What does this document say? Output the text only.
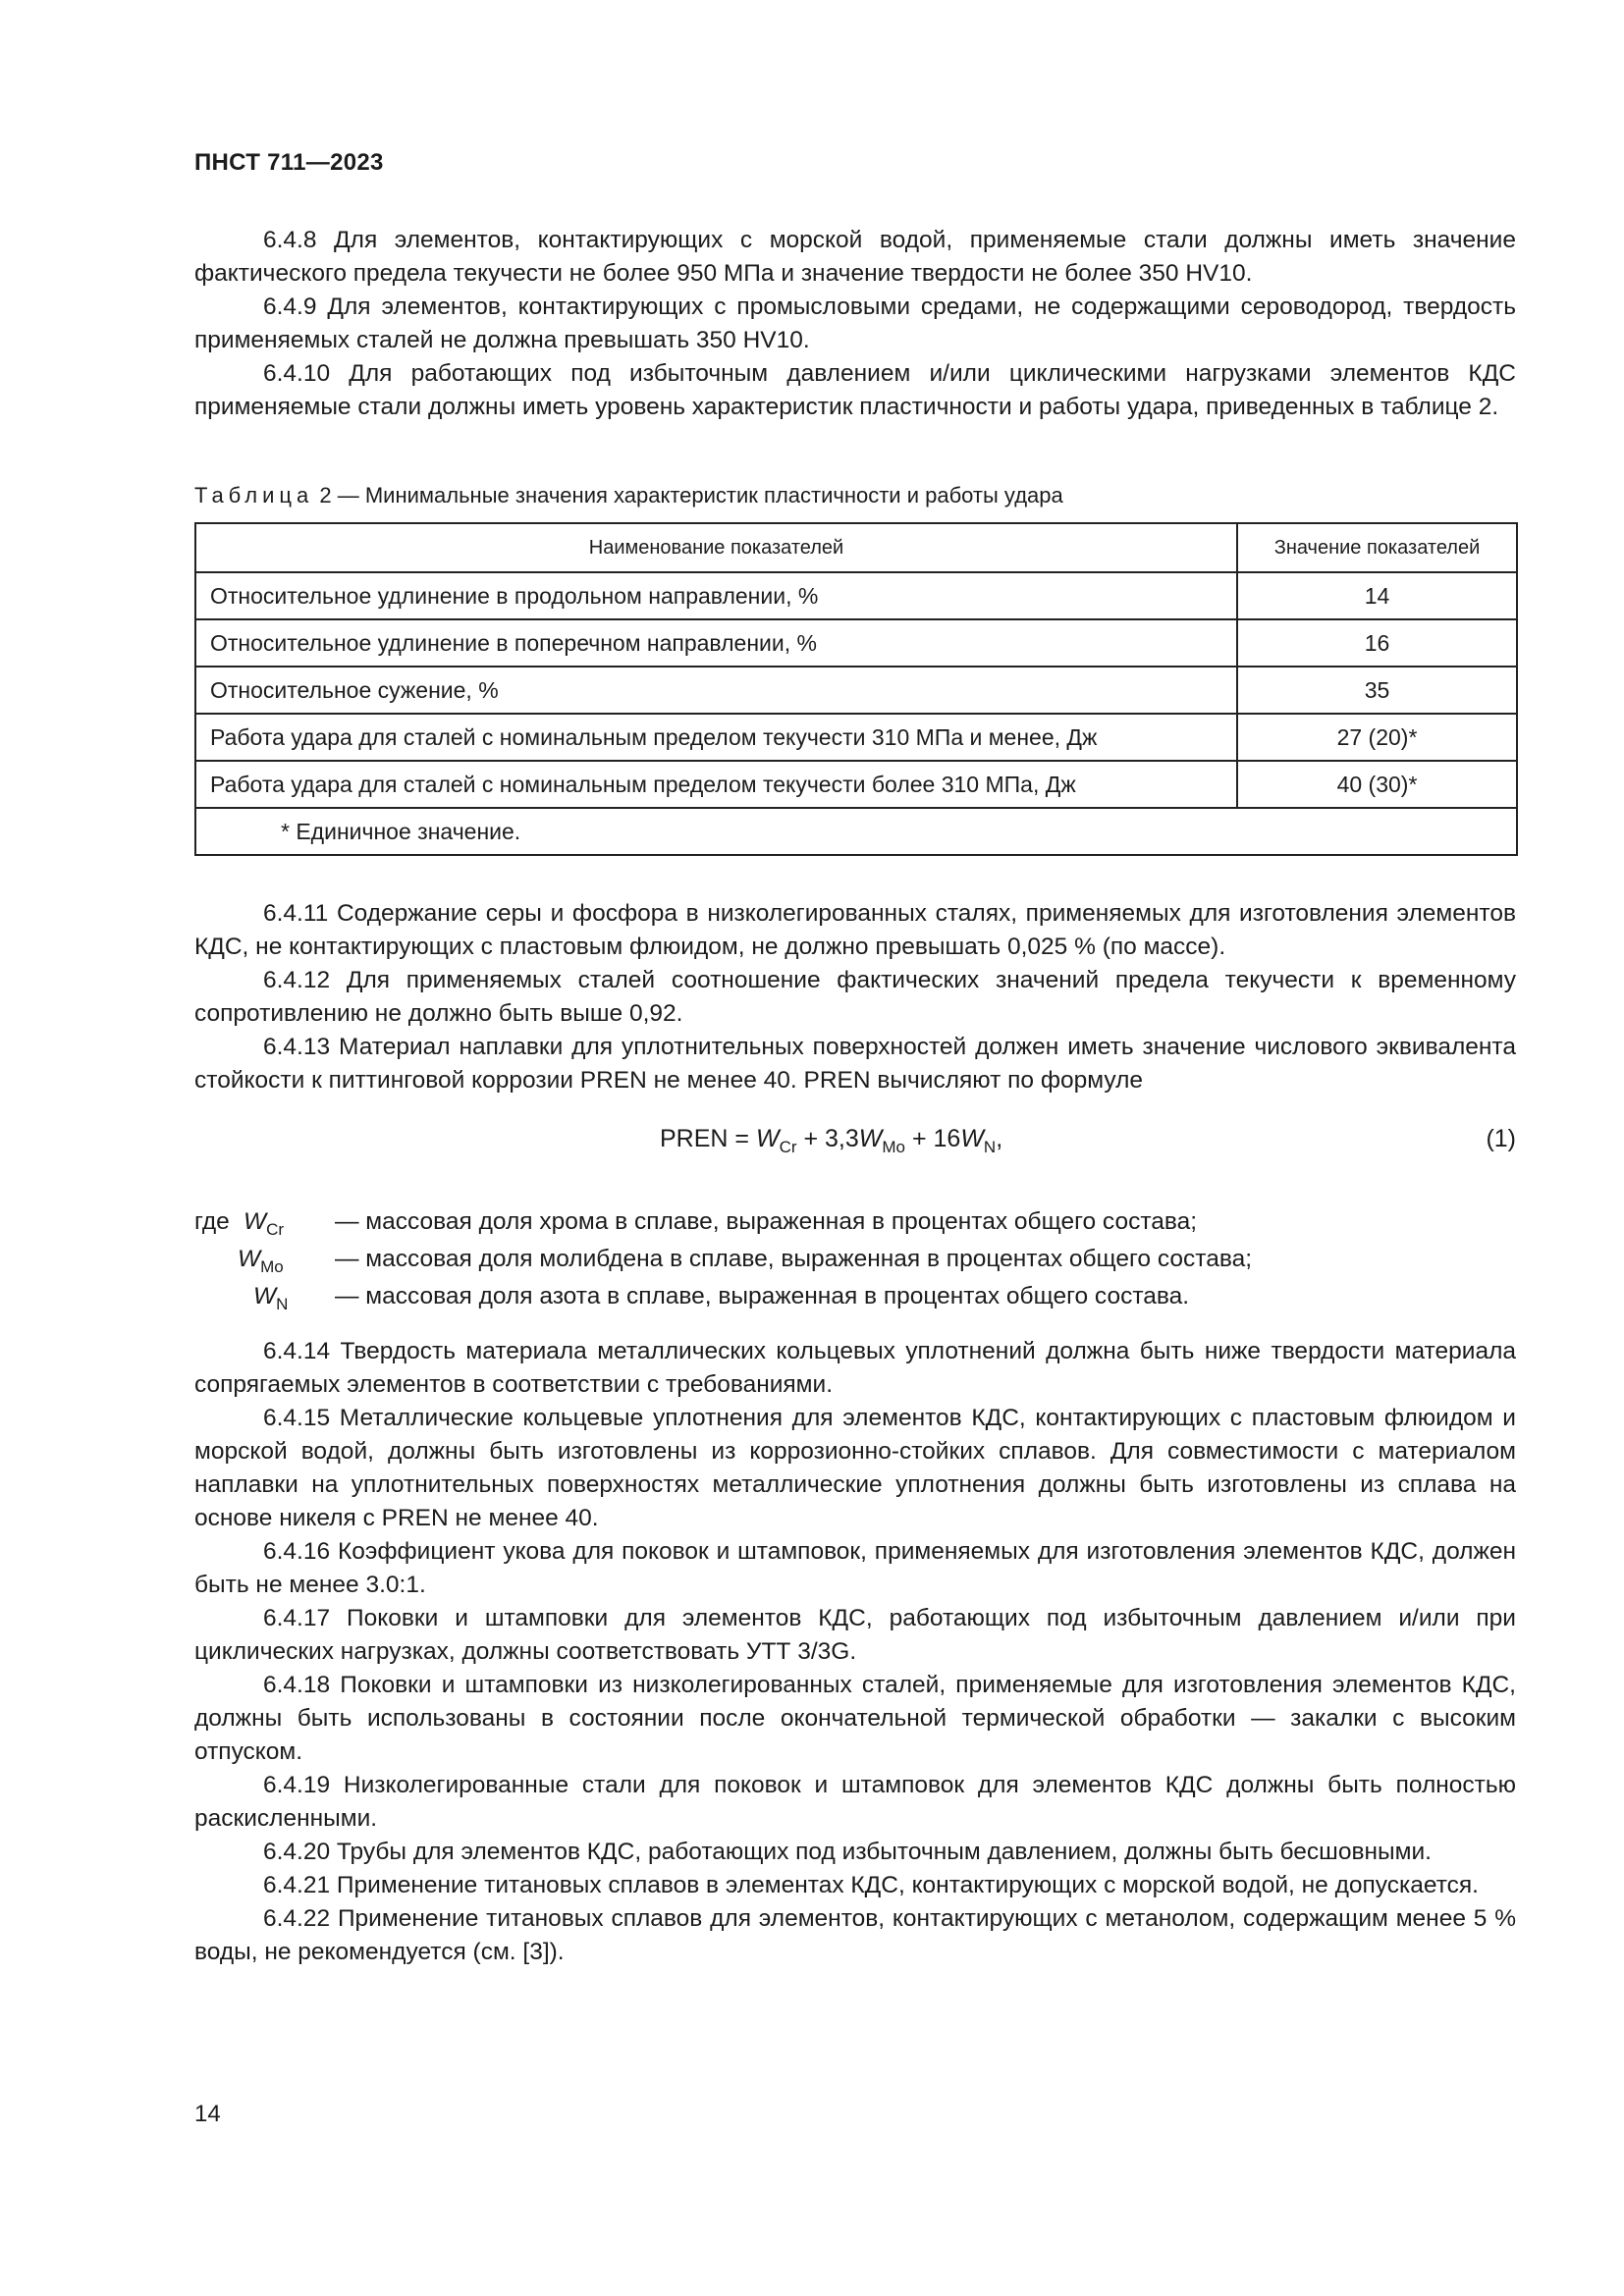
ПНСТ 711—2023

6.4.8 Для элементов, контактирующих с морской водой, применяемые стали должны иметь значение фактического предела текучести не более 950 МПа и значение твердости не более 350 HV10.

6.4.9 Для элементов, контактирующих с промысловыми средами, не содержащими сероводород, твердость применяемых сталей не должна превышать 350 HV10.

6.4.10 Для работающих под избыточным давлением и/или циклическими нагрузками элементов КДС применяемые стали должны иметь уровень характеристик пластичности и работы удара, приведенных в таблице 2.

Таблица 2 — Минимальные значения характеристик пластичности и работы удара
Наименование показателей	Значение показателей
Относительное удлинение в продольном направлении, %	14
Относительное удлинение в поперечном направлении, %	16
Относительное сужение, %	35
Работа удара для сталей с номинальным пределом текучести 310 МПа и менее, Дж	27 (20)*
Работа удара для сталей с номинальным пределом текучести более 310 МПа, Дж	40 (30)*
* Единичное значение.	

6.4.11 Содержание серы и фосфора в низколегированных сталях, применяемых для изготовления элементов КДС, не контактирующих с пластовым флюидом, не должно превышать 0,025 % (по массе).

6.4.12 Для применяемых сталей соотношение фактических значений предела текучести к временному сопротивлению не должно быть выше 0,92.

6.4.13 Материал наплавки для уплотнительных поверхностей должен иметь значение числового эквивалента стойкости к питтинговой коррозии PREN не менее 40. PREN вычисляют по формуле

PREN = $W_{Cr} + 3,3W_{Mo} + 16W_N$,	(1)
где $W_{Cr}$ — массовая доля хрома в сплаве, выраженная в процентах общего состава;
$W_{Mo}$ — массовая доля молибдена в сплаве, выраженная в процентах общего состава;
$W_N$ — массовая доля азота в сплаве, выраженная в процентах общего состава.

6.4.14 Твердость материала металлических кольцевых уплотнений должна быть ниже твердости материала сопрягаемых элементов в соответствии с требованиями.

6.4.15 Металлические кольцевые уплотнения для элементов КДС, контактирующих с пластовым флюидом и морской водой, должны быть изготовлены из коррозионно-стойких сплавов. Для совместимости с материалом наплавки на уплотнительных поверхностях металлические уплотнения должны быть изготовлены из сплава на основе никеля с PREN не менее 40.

6.4.16 Коэффициент укова для поковок и штамповок, применяемых для изготовления элементов КДС, должен быть не менее 3.0:1.

6.4.17 Поковки и штамповки для элементов КДС, работающих под избыточным давлением и/или при циклических нагрузках, должны соответствовать УТТ 3/3G.

6.4.18 Поковки и штамповки из низколегированных сталей, применяемые для изготовления элементов КДС, должны быть использованы в состоянии после окончательной термической обработки — закалки с высоким отпуском.

6.4.19 Низколегированные стали для поковок и штамповок для элементов КДС должны быть полностью раскисленными.

6.4.20 Трубы для элементов КДС, работающих под избыточным давлением, должны быть бесшовными.

6.4.21 Применение титановых сплавов в элементах КДС, контактирующих с морской водой, не допускается.

6.4.22 Применение титановых сплавов для элементов, контактирующих с метанолом, содержащим менее 5 % воды, не рекомендуется (см. [3]).

14
